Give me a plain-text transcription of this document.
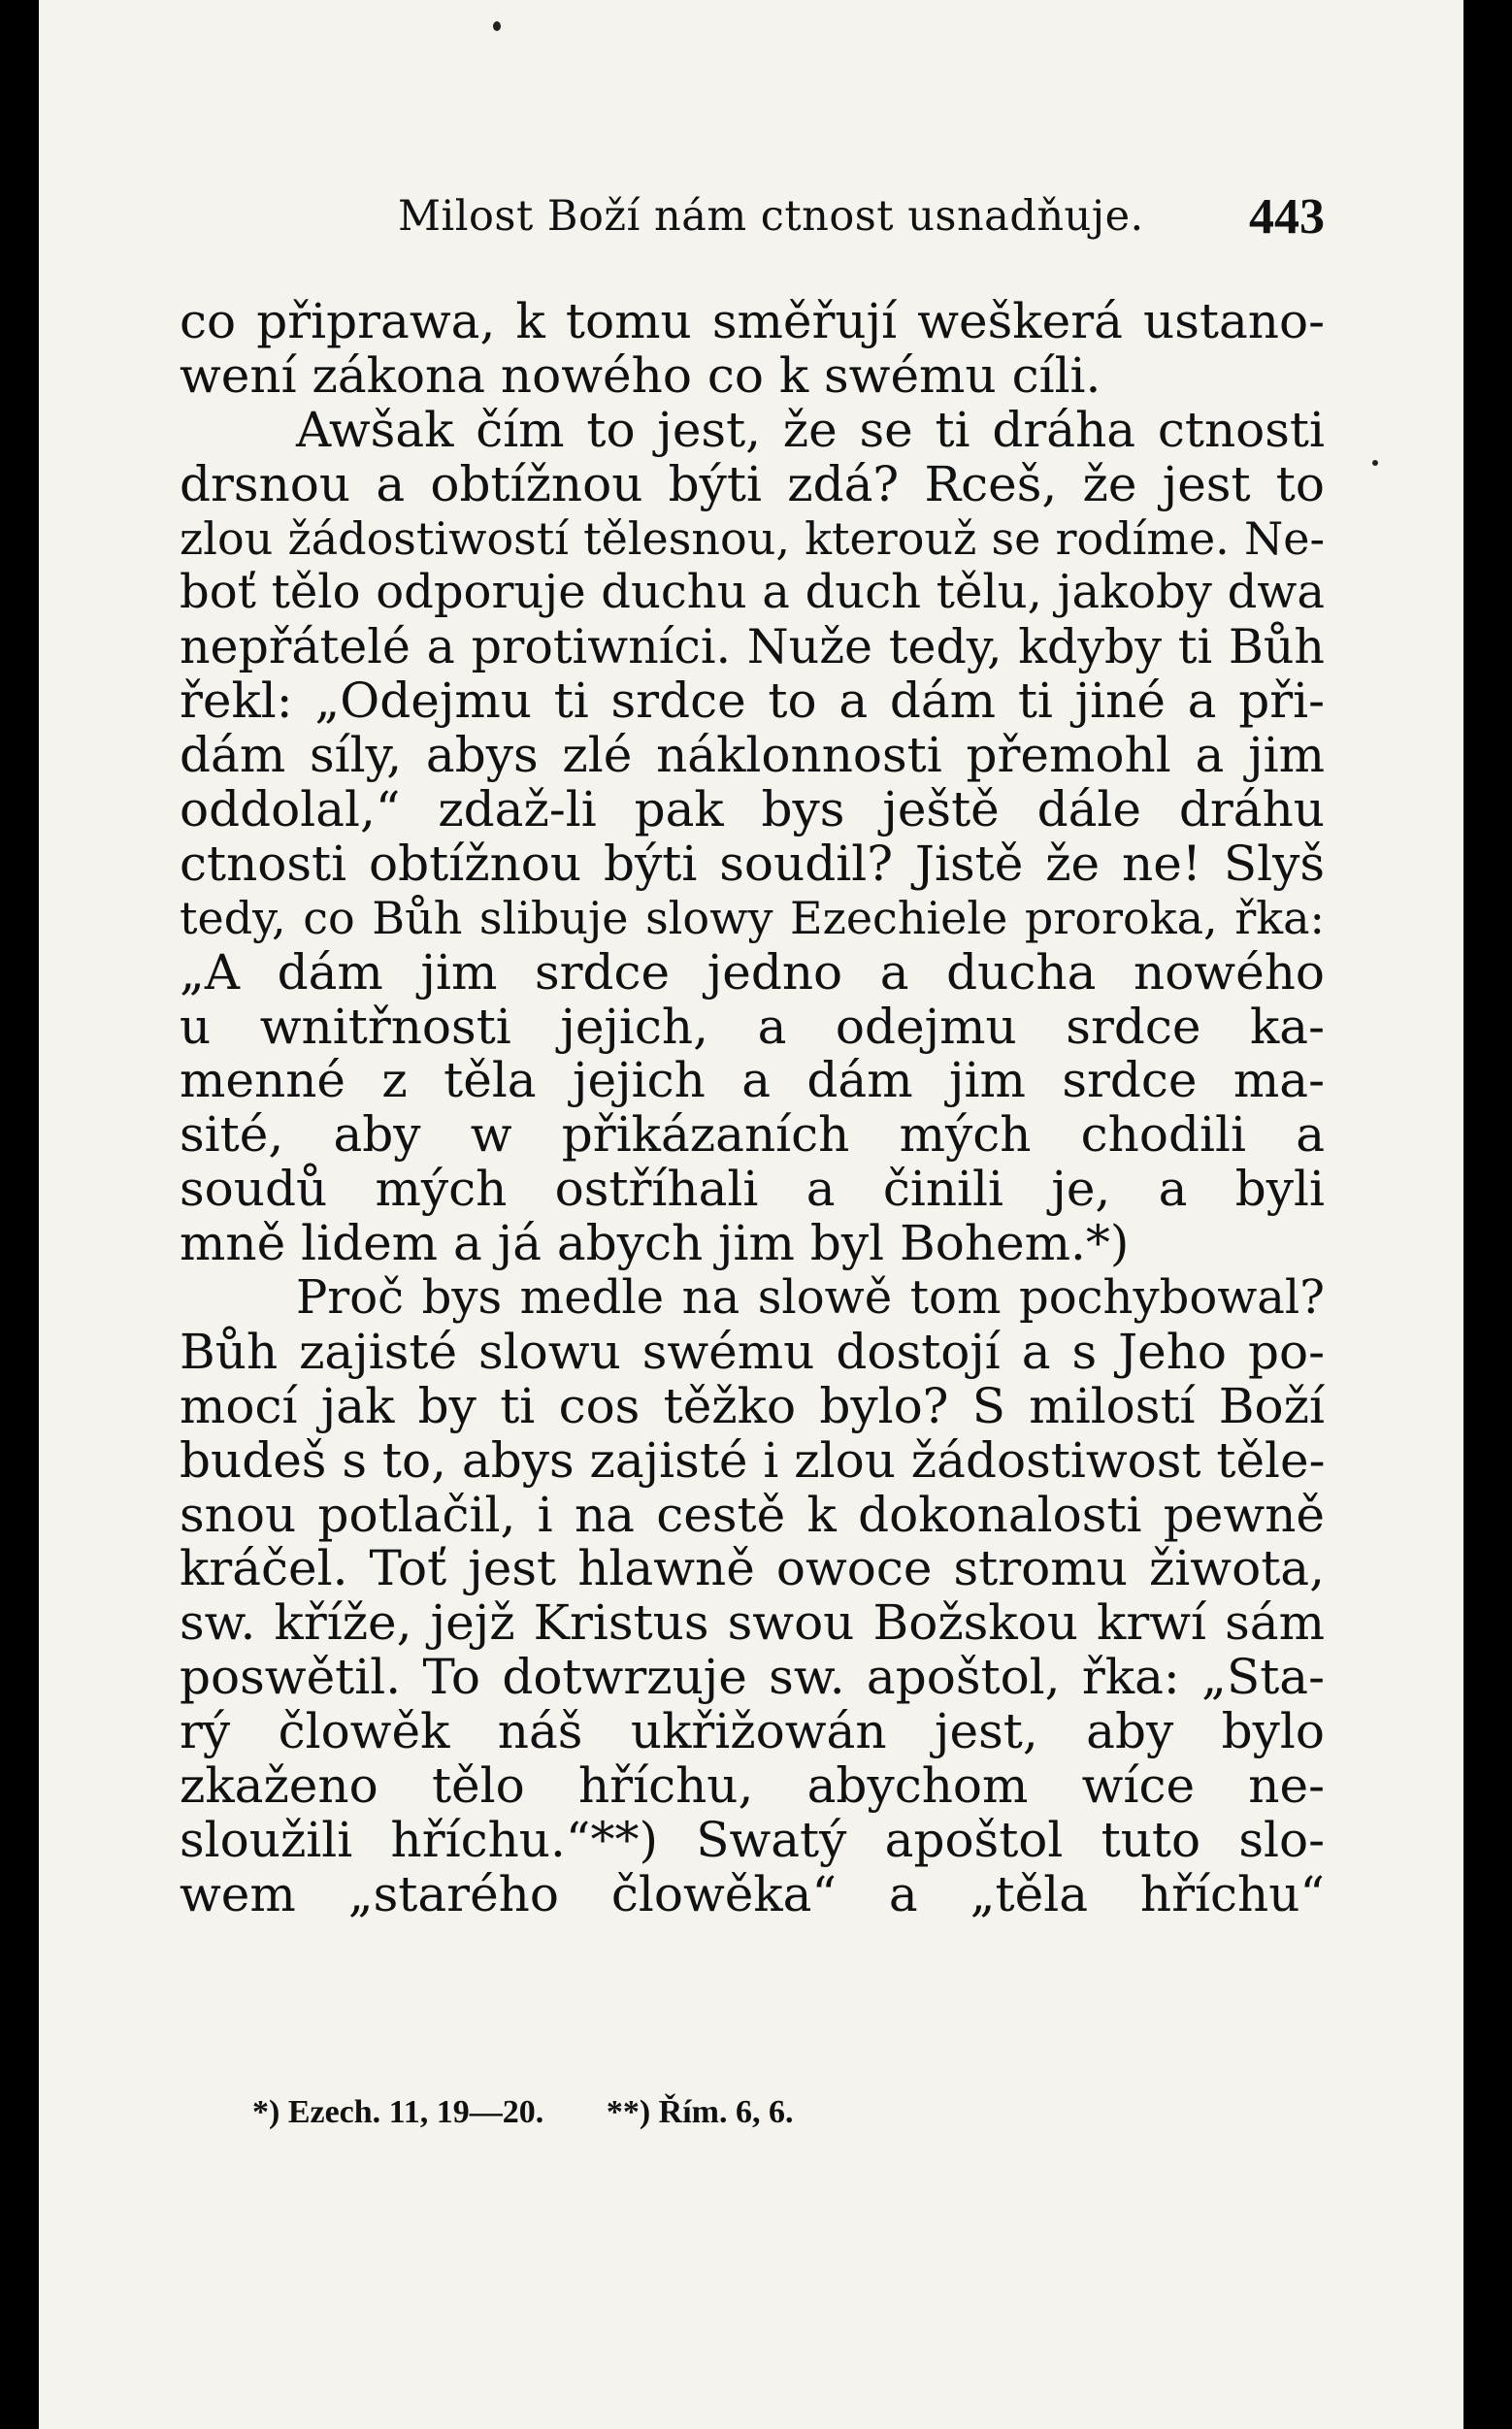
Milost Boží nám ctnost usnadňuje. 443
co připrawa, k tomu směřují weškerá ustano-
wení zákona nowého co k swému cíli.
Awšak čím to jest, že se ti dráha ctnosti
drsnou a obtížnou býti zdá? Rceš, že jest to
zlou žádostiwostí tělesnou, kterouž se rodíme. Ne-
boť tělo odporuje duchu a duch tělu, jakoby dwa
nepřátelé a protiwníci. Nuže tedy, kdyby ti Bůh
řekl: „Odejmu ti srdce to a dám ti jiné a při-
dám síly, abys zlé náklonnosti přemohl a jim
oddolal,“ zdaž-li pak bys ještě dále dráhu
ctnosti obtížnou býti soudil? Jistě že ne! Slyš
tedy, co Bůh slibuje slowy Ezechiele proroka, řka:
„A dám jim srdce jedno a ducha nowého
u wnitřnosti jejich, a odejmu srdce ka-
menné z těla jejich a dám jim srdce ma-
sité, aby w přikázaních mých chodili a
soudů mých ostříhali a činili je, a byli
mně lidem a já abych jim byl Bohem.*)
Proč bys medle na slowě tom pochybowal?
Bůh zajisté slowu swému dostojí a s Jeho po-
mocí jak by ti cos těžko bylo? S milostí Boží
budeš s to, abys zajisté i zlou žádostiwost těle-
snou potlačil, i na cestě k dokonalosti pewně
kráčel. Toť jest hlawně owoce stromu žiwota,
sw. kříže, jejž Kristus swou Božskou krwí sám
poswětil. To dotwrzuje sw. apoštol, řka: „Sta-
rý člowěk náš ukřižowán jest, aby bylo
zkaženo tělo hříchu, abychom wíce ne-
sloužili hříchu.“**) Swatý apoštol tuto slo-
wem „starého člowěka“ a „těla hříchu“
*) Ezech. 11, 19—20. **) Řím. 6, 6.
